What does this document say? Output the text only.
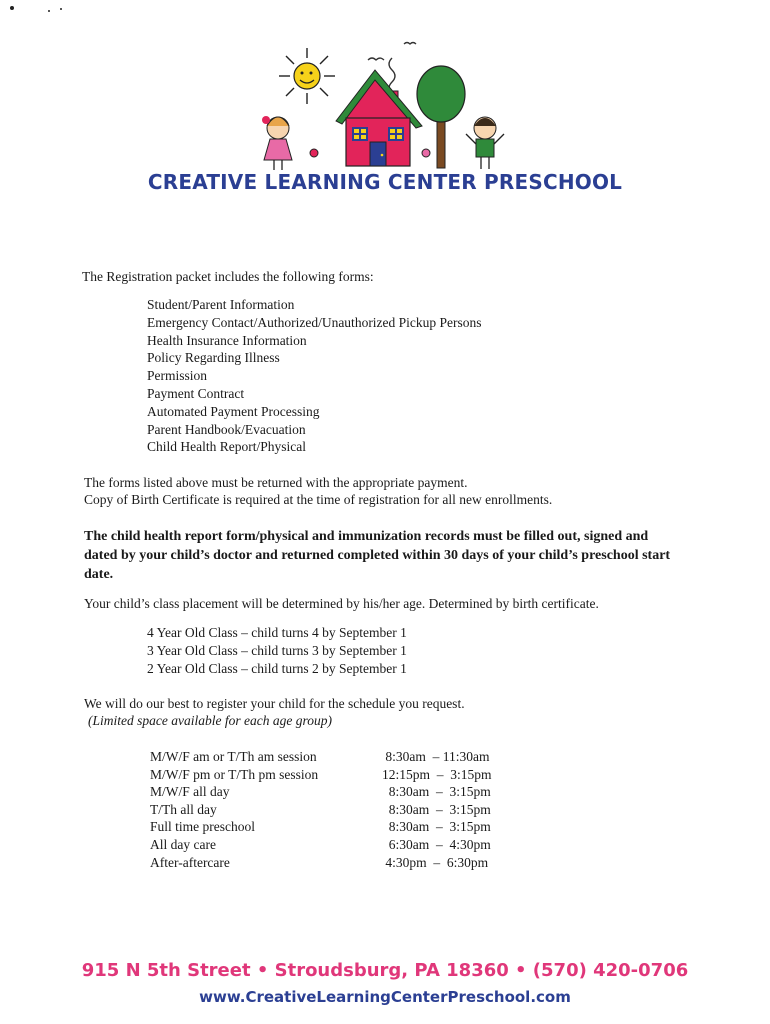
CREATIVE LEARNING CENTER PRESCHOOL
The Registration packet includes the following forms:
Student/Parent Information
Emergency Contact/Authorized/Unauthorized Pickup Persons
Health Insurance Information
Policy Regarding Illness
Permission
Payment Contract
Automated Payment Processing
Parent Handbook/Evacuation
Child Health Report/Physical
The forms listed above must be returned with the appropriate payment.
Copy of Birth Certificate is required at the time of registration for all new enrollments.
The child health report form/physical and immunization records must be filled out, signed and dated by your child’s doctor and returned completed within 30 days of your child’s preschool start date.
Your child’s class placement will be determined by his/her age. Determined by birth certificate.
4 Year Old Class – child turns 4 by September 1
3 Year Old Class – child turns 3 by September 1
2 Year Old Class – child turns 2 by September 1
We will do our best to register your child for the schedule you request.
(Limited space available for each age group)
M/W/F am or T/Th am session	8:30am  – 11:30am
M/W/F pm or T/Th pm session	12:15pm  –  3:15pm
M/W/F all day	8:30am  –  3:15pm
T/Th all day	8:30am  –  3:15pm
Full time preschool	8:30am  –  3:15pm
All day care	6:30am  –  4:30pm
After-aftercare	4:30pm  –  6:30pm
915 N 5th Street • Stroudsburg, PA 18360 • (570) 420-0706
www.CreativeLearningCenterPreschool.com
